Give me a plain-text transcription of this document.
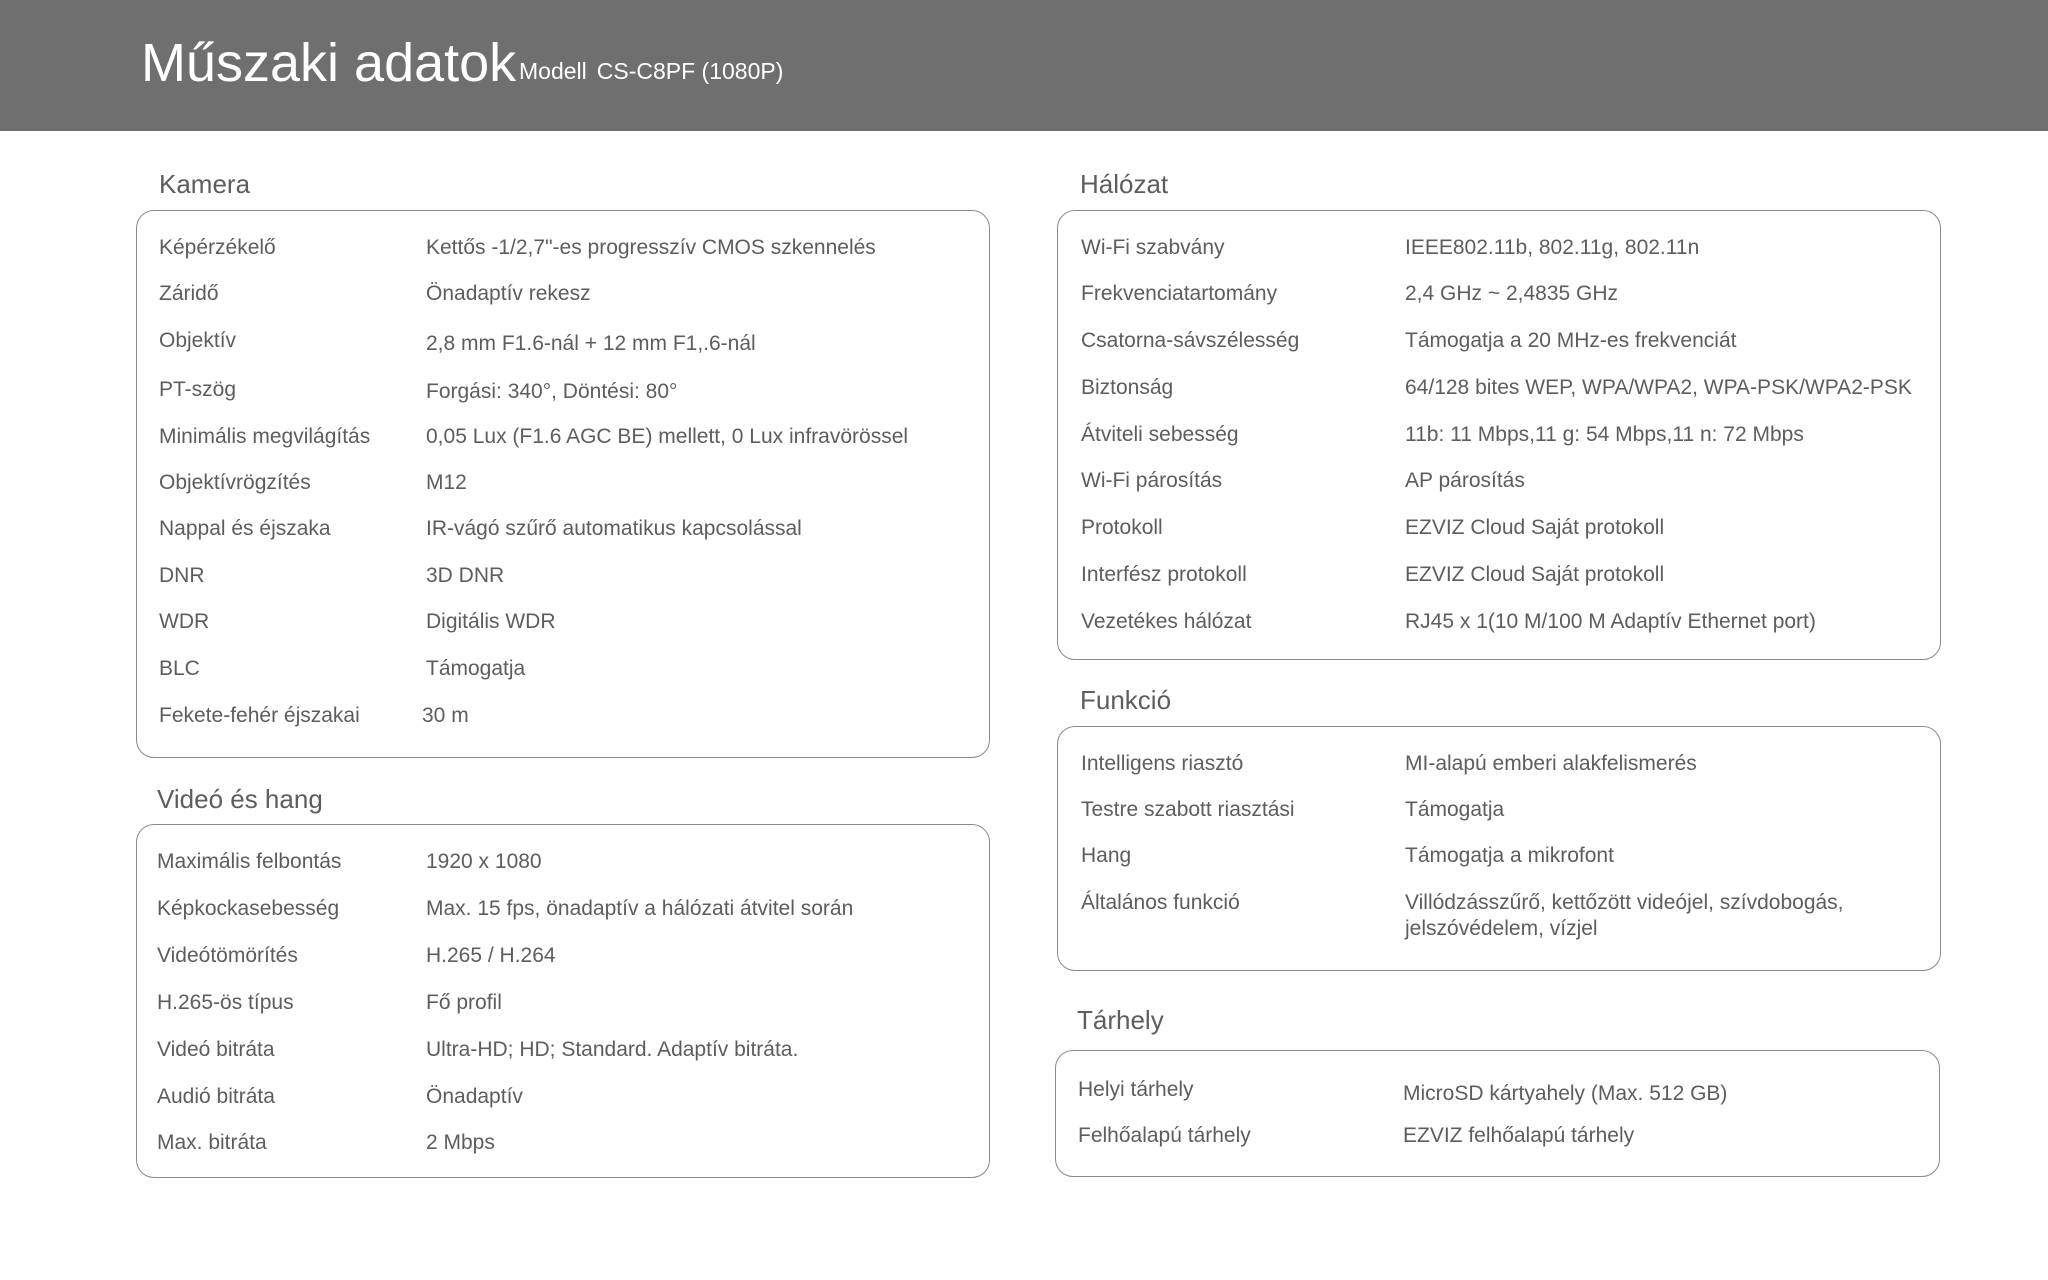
Műszaki adatok Modell CS-C8PF (1080P)
Kamera
Képérzékelő	Kettős -1/2,7"-es progresszív CMOS szkennelés
Záridő	Önadaptív rekesz
Objektív	2,8 mm F1.6-nál + 12 mm F1,.6-nál
PT-szög	Forgási: 340°, Döntési: 80°
Minimális megvilágítás	0,05 Lux (F1.6 AGC BE) mellett, 0 Lux infravörössel
Objektívrögzítés	M12
Nappal és éjszaka	IR-vágó szűrő automatikus kapcsolással
DNR	3D DNR
WDR	Digitális WDR
BLC	Támogatja
Fekete-fehér éjszakai	30 m
Videó és hang
Maximális felbontás	1920 x 1080
Képkockasebesség	Max. 15 fps, önadaptív a hálózati átvitel során
Videótömörítés	H.265 / H.264
H.265-ös típus	Fő profil
Videó bitráta	Ultra-HD; HD; Standard. Adaptív bitráta.
Audió bitráta	Önadaptív
Max. bitráta	2 Mbps
Hálózat
Wi-Fi szabvány	IEEE802.11b, 802.11g, 802.11n
Frekvenciatartomány	2,4 GHz ~ 2,4835 GHz
Csatorna-sávszélesség	Támogatja a 20 MHz-es frekvenciát
Biztonság	64/128 bites WEP, WPA/WPA2, WPA-PSK/WPA2-PSK
Átviteli sebesség	11b: 11 Mbps,11 g: 54 Mbps,11 n: 72 Mbps
Wi-Fi párosítás	AP párosítás
Protokoll	EZVIZ Cloud Saját protokoll
Interfész protokoll	EZVIZ Cloud Saját protokoll
Vezetékes hálózat	RJ45 x 1(10 M/100 M Adaptív Ethernet port)
Funkció
Intelligens riasztó	MI-alapú emberi alakfelismerés
Testre szabott riasztási	Támogatja
Hang	Támogatja a mikrofont
Általános funkció	Villódzásszűrő, kettőzött videójel, szívdobogás, jelszóvédelem, vízjel
Tárhely
Helyi tárhely	MicroSD kártyahely (Max. 512 GB)
Felhőalapú tárhely	EZVIZ felhőalapú tárhely
